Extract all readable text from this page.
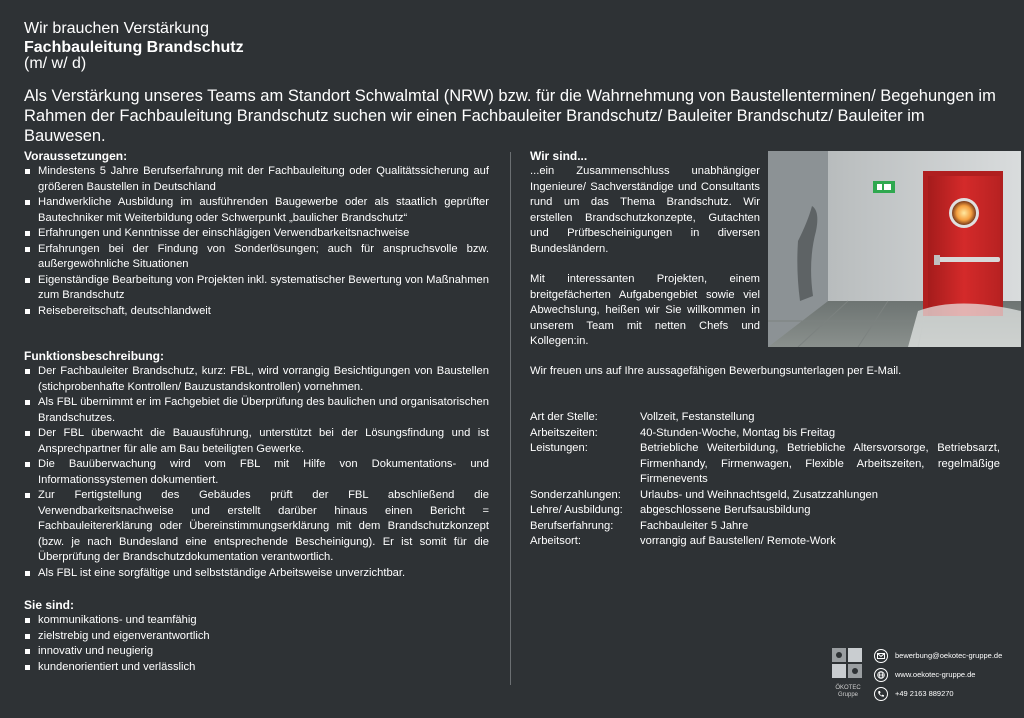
Wir brauchen Verstärkung
Fachbauleitung Brandschutz
(m/ w/ d)
Als Verstärkung unseres Teams am Standort Schwalmtal (NRW) bzw. für die Wahrnehmung von Baustellenterminen/ Begehungen im Rahmen der Fachbauleitung Brandschutz suchen wir einen Fachbauleiter Brandschutz/ Bauleiter Brandschutz/ Bauleiter im Bauwesen.
Voraussetzungen:
Mindestens 5 Jahre Berufserfahrung mit der Fachbauleitung oder Qualitätssicherung auf größeren Baustellen in Deutschland
Handwerkliche Ausbildung im ausführenden Baugewerbe oder als staatlich geprüfter Bautechniker mit Weiterbildung oder Schwerpunkt „baulicher Brandschutz“
Erfahrungen und Kenntnisse der einschlägigen Verwendbarkeitsnachweise
Erfahrungen bei der Findung von Sonderlösungen; auch für anspruchsvolle bzw. außergewöhnliche Situationen
Eigenständige Bearbeitung von Projekten inkl. systematischer Bewertung von Maßnahmen zum Brandschutz
Reisebereitschaft, deutschlandweit
Funktionsbeschreibung:
Der Fachbauleiter Brandschutz, kurz: FBL, wird vorrangig Besichtigungen von Baustellen (stichprobenhafte Kontrollen/ Bauzustandskontrollen) vornehmen.
Als FBL übernimmt er im Fachgebiet die Überprüfung des baulichen und organisatorischen Brandschutzes.
Der FBL überwacht die Bauausführung, unterstützt bei der Lösungsfindung und ist Ansprechpartner für alle am Bau beteiligten Gewerke.
Die Bauüberwachung wird vom FBL mit Hilfe von Dokumentations- und Informationssystemen dokumentiert.
Zur Fertigstellung des Gebäudes prüft der FBL abschließend die Verwendbarkeitsnachweise und erstellt darüber hinaus einen Bericht = Fachbauleitererklärung oder Übereinstimmungserklärung mit dem Brandschutzkonzept (bzw. je nach Bundesland eine entsprechende Bescheinigung). Er ist somit für die Überprüfung der Brandschutzdokumentation verantwortlich.
Als FBL ist eine sorgfältige und selbstständige Arbeitsweise unverzichtbar.
Sie sind:
kommunikations- und teamfähig
zielstrebig und eigenverantwortlich
innovativ und neugierig
kundenorientiert und verlässlich
Wir sind...
...ein Zusammenschluss unabhängiger Ingenieure/ Sachverständige und Consultants rund um das Thema Brandschutz. Wir erstellen Brandschutzkonzepte, Gutachten und Prüfbescheinigungen in diversen Bundesländern.
Mit interessanten Projekten, einem breitgefächerten Aufgabengebiet sowie viel Abwechslung, heißen wir Sie willkommen in unserem Team mit netten Chefs und Kollegen:in.
Wir freuen uns auf Ihre aussagefähigen Bewerbungsunterlagen per E-Mail.
Art der Stelle:	Vollzeit, Festanstellung
Arbeitszeiten:	40-Stunden-Woche, Montag bis Freitag
Leistungen:	Betriebliche Weiterbildung, Betriebliche Altersvorsorge, Betriebsarzt, Firmenhandy, Firmenwagen, Flexible Arbeitszeiten, regelmäßige Firmenevents
Sonderzahlungen:	Urlaubs- und Weihnachtsgeld, Zusatzzahlungen
Lehre/ Ausbildung:	abgeschlossene Berufsausbildung
Berufserfahrung:	Fachbauleiter 5 Jahre
Arbeitsort:	vorrangig auf Baustellen/ Remote-Work
ÖKOTEC
Gruppe
bewerbung@oekotec-gruppe.de
www.oekotec-gruppe.de
+49 2163 889270
